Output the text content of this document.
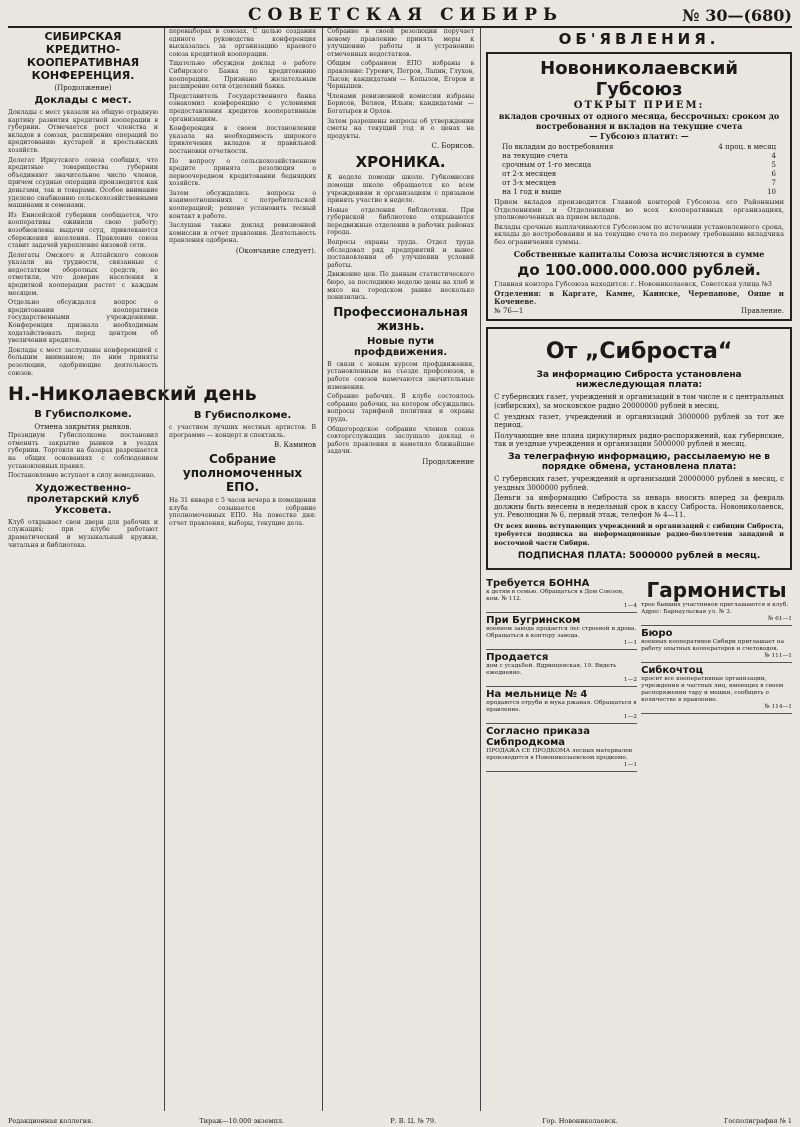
СОВЕТСКАЯ СИБИРЬ	№ 30—(680)
СИБИРСКАЯ КРЕДИТНО-КООПЕРАТИВНАЯ КОНФЕРЕНЦИЯ.
(Продолжение)
Доклады с мест.

Доклады с мест указали на общую отрадную картину развития кредитной кооперации в губернии. Отмечается рост членства и вкладов в союзах, расширение операций по кредитованию кустарей и крестьянских хозяйств.

Делегат Иркутского союза сообщил, что кредитные товарищества губернии объединяют значительное число членов, причем ссудные операции производятся как деньгами, так и товарами. Особое внимание уделено снабжению сельскохозяйственными машинами и семенами.

Из Енисейской губернии сообщается, что кооперативы оживили свою работу; возобновлены выдачи ссуд, привлекаются сбережения населения. Правление союза ставит задачей укрепление низовой сети.

Делегаты Омского и Алтайского союзов указали на трудности, связанные с недостатком оборотных средств, но отметили, что доверие населения к кредитной кооперации растет с каждым месяцем.

Отдельно обсуждался вопрос о кредитовании кооперативов государственными учреждениями. Конференция признала необходимым ходатайствовать перед центром об увеличении кредитов.

Доклады с мест заслушаны конференцией с большим вниманием; по ним приняты резолюции, одобряющие деятельность союзов.

Н.-Николаевский день
В Губисполкоме.
Отмена закрытия рынков.

Президиум Губисполкома постановил отменить закрытие рынков в уездах губернии. Торговля на базарах разрешается на общих основаниях с соблюдением установленных правил.

Постановление вступает в силу немедленно.

Художественно-пролетарский клуб Уксовета.

Клуб открывает свои двери для рабочих и служащих; при клубе работают драматический и музыкальный кружки, читальня и библиотека.

перевыборах в союзах. С целью создания единого руководства конференция высказалась за организацию краевого союза кредитной кооперации.

Тщательно обсужден доклад о работе Сибирского Банка по кредитованию кооперации. Признано желательным расширение сети отделений банка.

Представитель Государственного банка ознакомил конференцию с условиями предоставления кредитов кооперативным организациям.

Конференция в своем постановлении указала на необходимость широкого привлечения вкладов и правильной постановки отчетности.

По вопросу о сельскохозяйственном кредите принята резолюция о первоочередном кредитовании бедняцких хозяйств.

Затем обсуждались вопросы о взаимоотношениях с потребительской кооперацией; решено установить тесный контакт в работе.

Заслушан также доклад ревизионной комиссии и отчет правления. Деятельность правления одобрена.

(Окончание следует).
В Губисполкоме.

с участием лучших местных артистов. В программе — концерт и спектакль.

В. Каминов
Собрание уполномоченных ЕПО.

На 31 января с 5 часов вечера в помещении клуба созывается собрание уполномоченных ЕПО. На повестке дня: отчет правления, выборы, текущие дела.

Собрание в своей резолюции поручает новому правлению принять меры к улучшению работы и устранению отмеченных недостатков.

Общим собранием ЕПО избраны в правление: Гуревич, Петров, Лапин, Глухов, Лысов; кандидатами — Копылов, Егоров и Чернышев.

Членами ревизионной комиссии избраны Борисов, Веляев, Ильин; кандидатами — Богатырев и Орлов.

Затем разрешены вопросы об утверждении сметы на текущий год и о ценах на продукты.

С. Борисов.
ХРОНИКА.

К неделе помощи школе. Губкомиссия помощи школе обращается ко всем учреждениям и организациям с призывом принять участие в неделе.

Новые отделения библиотеки. При губернской библиотеке открываются передвижные отделения в рабочих районах города.

Вопросы охраны труда. Отдел труда обследовал ряд предприятий и вынес постановления об улучшении условий работы.

Движение цен. По данным статистического бюро, за последнюю неделю цены на хлеб и мясо на городском рынке несколько понизились.

Профессиональная жизнь.
Новые пути профдвижения.

В связи с новым курсом профдвижения, установленным на съезде профсоюзов, в работе союзов намечаются значительные изменения.

Собрание рабочих. В клубе состоялось собрание рабочих, на котором обсуждались вопросы тарифной политики и охраны труда.

Общегородское собрание членов союза совторгслужащих заслушало доклад о работе правления и наметило ближайшие задачи.

Продолжение
ОБ'ЯВЛЕНИЯ.
Новониколаевский Губсоюз
ОТКРЫТ ПРИЕМ:
вкладов срочных от одного месяца, бессрочных: сроком до востребования и вкладов на текущие счета
— Губсоюз платит: —
По вкладам до востребования	4 проц. в месяц
на текущие счета	4
срочным от 1-го месяца	5
от 2-х месяцев	6
от 3-х месяцев	7
на 1 год и выше	10

Прием вкладов производится Главной конторой Губсоюза его Районными Отделениями и Отделениями во всех кооперативных организациях, уполномоченных на прием вкладов.

Вклады срочные выплачиваются Губсоюзом по истечении установленного срока, вклады до востребования и на текущие счета по первому требованию вкладчика без ограничения суммы.

Собственные капиталы Союза исчисляются в сумме
до 100.000.000.000 рублей.

Главная контора Губсоюза находится: г. Новониколаевск, Советская улица №3

Отделения: в Каргате, Камне, Каинске, Черепанове, Ояше и Кочеиеве.

№ 76—1	Правление.
От „Сиброста“
За информацию Сиброста установлена нижеследующая плата:

С губернских газет, учреждений и организаций в том числе и с центральных (сибирских), за московское радио 20000000 рублей в месяц.

С уездных газет, учреждений и организаций 3000000 рублей за тот же период.

Получающие вне плана циркулярных радио-распоряжений, как губернские, так и уездные учреждения и организации 5000000 рублей в месяц.

За телеграфную информацию, рассылаемую не в порядке обмена, установлена плата:

С губернских газет, учреждений и организаций 20000000 рублей в месяц, с уездных 3000000 рублей.

Деньги за информацию Сиброста за январь вносить вперед за февраль должны быть внесены в недельный срок в кассу Сиброста. Новониколаевск, ул. Революции № 6, первый этаж, телефон № 4—11.

От всех вновь вступающих учреждений и организаций с сибиции Сиброста, требуется подписка на информационные радио-бюллетени западной и восточной части Сибири.

ПОДПИСНАЯ ПЛАТА: 5000000 рублей в месяц.
Требуется БОННА
к детям в семью. Обращаться в Дом Союзов, ком. № 112.
1—4
При Бугринском
военном заводе продается лес строевой и дрова. Обращаться в контору завода.
1—1
Продается
дом с усадьбой. Ядринцевская, 19. Видеть ежедневно.
1—2
На мельнице № 4
продаются отруби и мука ржаная. Обращаться в правление.
1—2
Согласно приказа Сибпродкома
ПРОДАЖА СЕ ПРОДКОМА лесных материалов производится в Новониколаевском продкоме.
1—1
Гармонисты
трое бывших участников приглашаются в клуб. Адрес: Барнаульская ул. № 3.
№ 61—1
Бюро
военных кооперативов Сибири приглашает на работу опытных кооператоров и счетоводов.
№ 111—1
Сибкочтоц
просит все кооперативные организации, учреждения и частных лиц, имеющих в своем распоряжении тару и мешки, сообщить о количестве в правление.
№ 114—1
Редакционная коллегия.	Тираж—10.000 экземпл.	Р. В. Ц. № 79.	Гор. Новониколаевск.	Госполиграфия № 1
